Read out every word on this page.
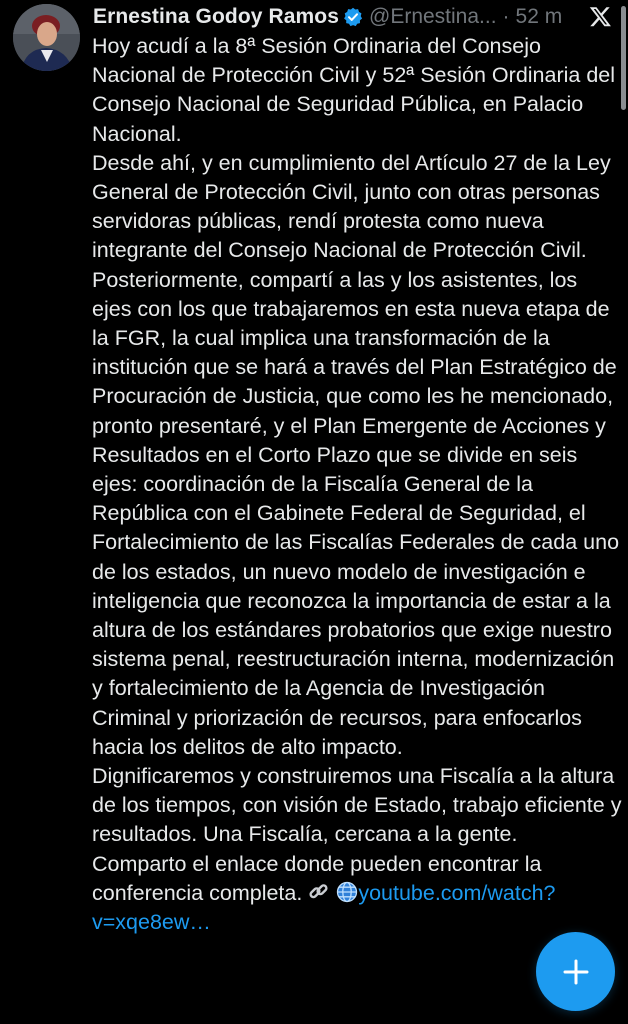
Ernestina Godoy Ramos @Ernestina... · 52 m

Hoy acudí a la 8ª Sesión Ordinaria del Consejo Nacional de Protección Civil y 52ª Sesión Ordinaria del Consejo Nacional de Seguridad Pública, en Palacio Nacional.

Desde ahí, y en cumplimiento del Artículo 27 de la Ley General de Protección Civil, junto con otras personas servidoras públicas, rendí protesta como nueva integrante del Consejo Nacional de Protección Civil.

Posteriormente, compartí a las y los asistentes, los ejes con los que trabajaremos en esta nueva etapa de la FGR, la cual implica una transformación de la institución que se hará a través del Plan Estratégico de Procuración de Justicia, que como les he mencionado, pronto presentaré, y el Plan Emergente de Acciones y Resultados en el Corto Plazo que se divide en seis ejes: coordinación de la Fiscalía General de la República con el Gabinete Federal de Seguridad, el Fortalecimiento de las Fiscalías Federales de cada uno de los estados, un nuevo modelo de investigación e inteligencia que reconozca la importancia de estar a la altura de los estándares probatorios que exige nuestro sistema penal, reestructuración interna, modernización y fortalecimiento de la Agencia de Investigación Criminal y priorización de recursos, para enfocarlos hacia los delitos de alto impacto.

Dignificaremos y construiremos una Fiscalía a la altura de los tiempos, con visión de Estado, trabajo eficiente y resultados. Una Fiscalía, cercana a la gente.

Comparto el enlace donde pueden encontrar la conferencia completa.	youtube.com/watch?v=xqe8ew…
